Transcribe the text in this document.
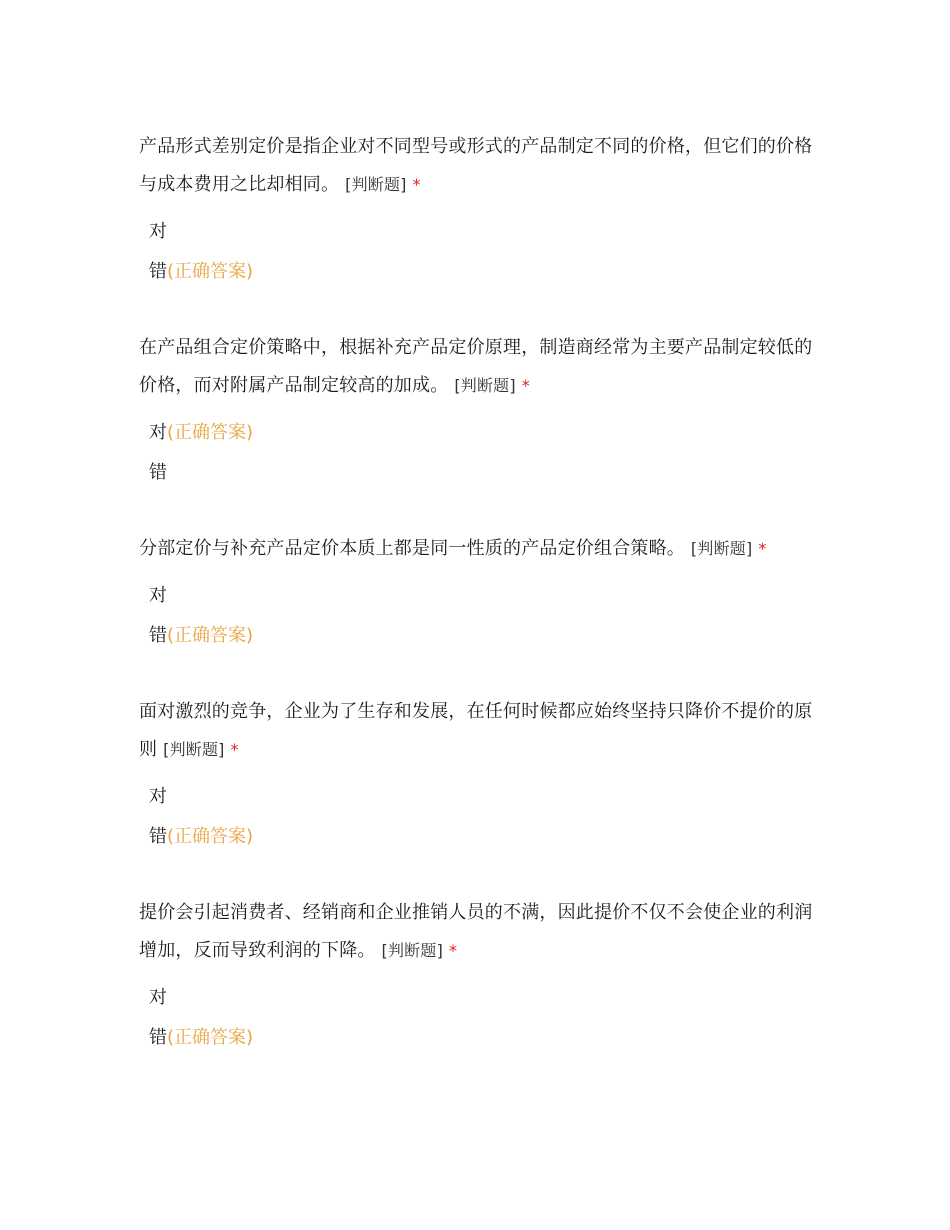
产品形式差别定价是指企业对不同型号或形式的产品制定不同的价格，但它们的价格与成本费用之比却相同。 [判断题] *

对
错(正确答案)

在产品组合定价策略中，根据补充产品定价原理，制造商经常为主要产品制定较低的价格，而对附属产品制定较高的加成。 [判断题] *

对(正确答案)
错

分部定价与补充产品定价本质上都是同一性质的产品定价组合策略。 [判断题] *

对
错(正确答案)

面对激烈的竞争，企业为了生存和发展，在任何时候都应始终坚持只降价不提价的原则 [判断题] *

对
错(正确答案)

提价会引起消费者、经销商和企业推销人员的不满，因此提价不仅不会使企业的利润增加，反而导致利润的下降。 [判断题] *

对
错(正确答案)
